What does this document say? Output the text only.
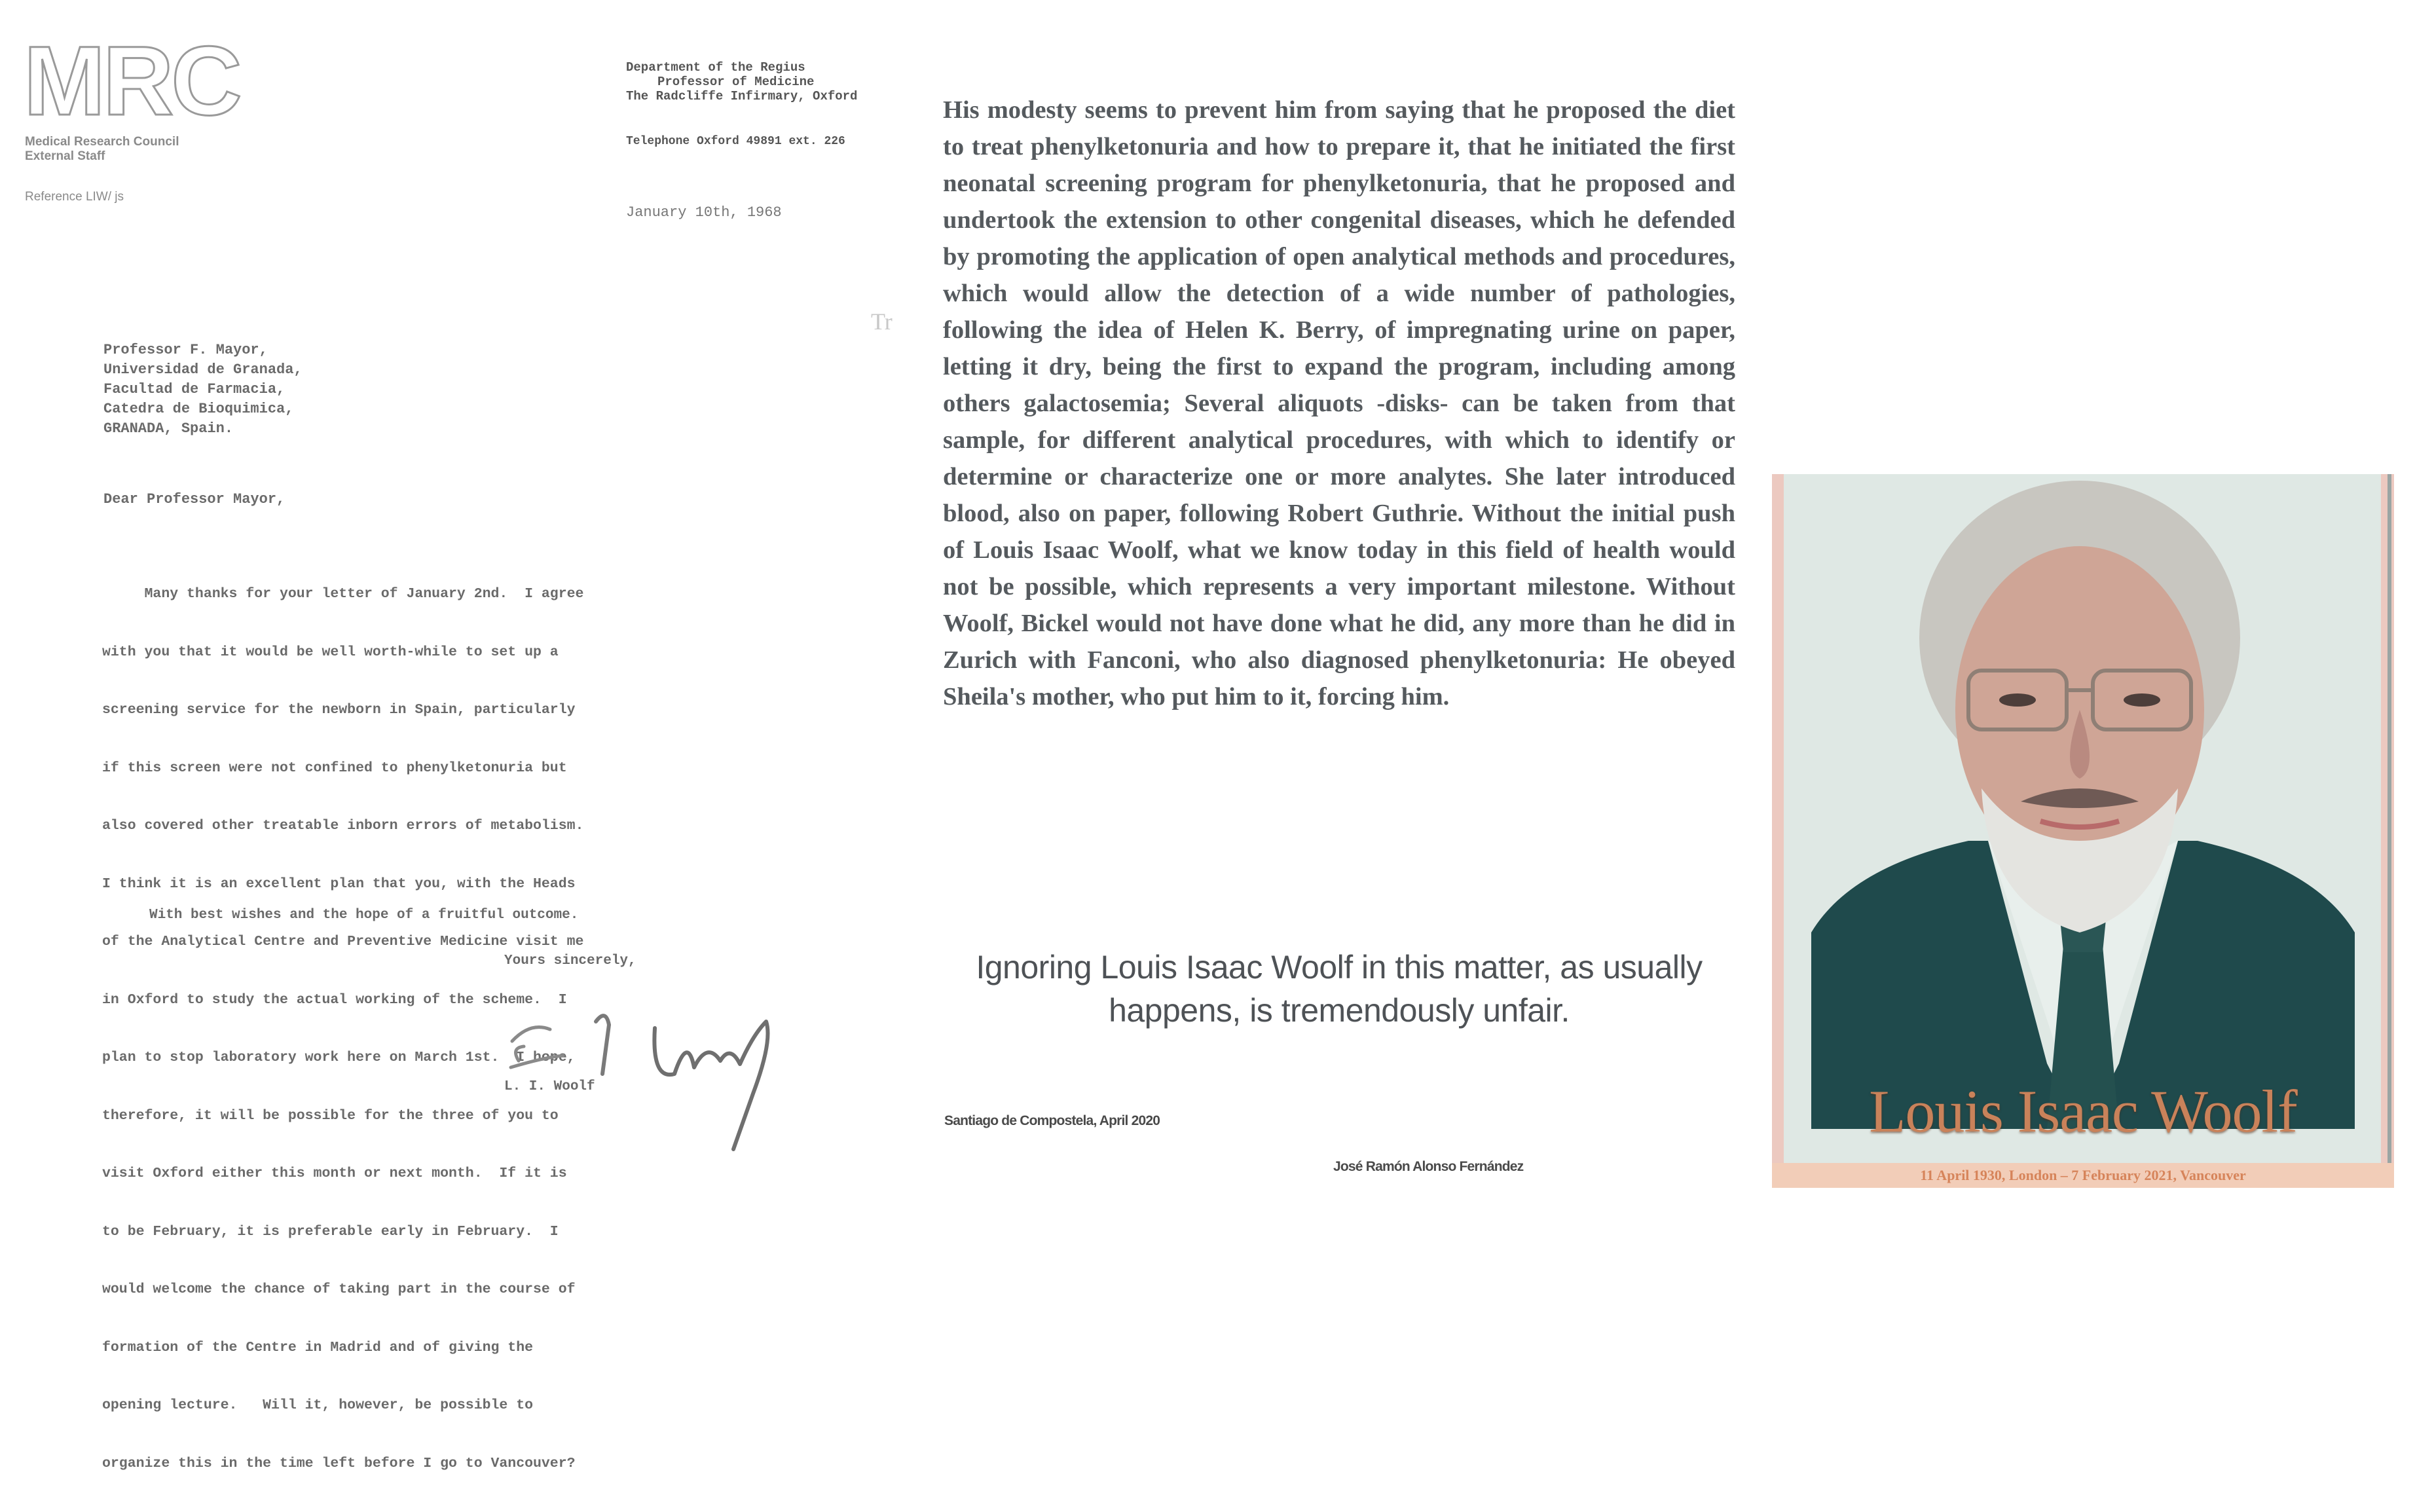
MRC
Medical Research Council
External Staff
Reference LIW/ js
Department of the Regius
Professor of Medicine
The Radcliffe Infirmary, Oxford
Telephone Oxford 49891 ext. 226
January 10th, 1968
Tr
Professor F. Mayor,
Universidad de Granada,
Facultad de Farmacia,
Catedra de Bioquimica,
GRANADA, Spain.
Dear Professor Mayor,

Many thanks for your letter of January 2nd.  I agree

with you that it would be well worth-while to set up a

screening service for the newborn in Spain, particularly

if this screen were not confined to phenylketonuria but

also covered other treatable inborn errors of metabolism.

I think it is an excellent plan that you, with the Heads

of the Analytical Centre and Preventive Medicine visit me

in Oxford to study the actual working of the scheme.  I

plan to stop laboratory work here on March 1st.  I hope,

therefore, it will be possible for the three of you to

visit Oxford either this month or next month.  If it is

to be February, it is preferable early in February.  I

would welcome the chance of taking part in the course of

formation of the Centre in Madrid and of giving the

opening lecture.   Will it, however, be possible to

organize this in the time left before I go to Vancouver?

With best wishes and the hope of a fruitful outcome.
Yours sincerely,
L. I. Woolf
His modesty seems to prevent him from saying that he proposed the diet to treat phenylketonuria and how to prepare it, that he initiated the first neonatal screening program for phenylketonuria, that he proposed and undertook the extension to other congenital diseases, which he defended by promoting the application of open analytical methods and procedures, which would allow the detection of a wide number of pathologies, following the idea of Helen K. Berry, of impregnating urine on paper, letting it dry, being the first to expand the program, including among others galactosemia; Several aliquots -disks- can be taken from that sample, for different analytical procedures, with which to identify or determine or characterize one or more analytes. She later introduced blood, also on paper, following Robert Guthrie. Without the initial push of Louis Isaac Woolf, what we know today in this field of health would not be possible, which represents a very important milestone. Without Woolf, Bickel would not have done what he did, any more than he did in Zurich with Fanconi, who also diagnosed phenylketonuria: He obeyed Sheila's mother, who put him to it, forcing him.
Ignoring Louis Isaac Woolf in this matter, as usually happens, is tremendously unfair.
Santiago de Compostela, April 2020
José Ramón Alonso Fernández
Louis Isaac Woolf
11 April 1930, London – 7 February 2021, Vancouver
